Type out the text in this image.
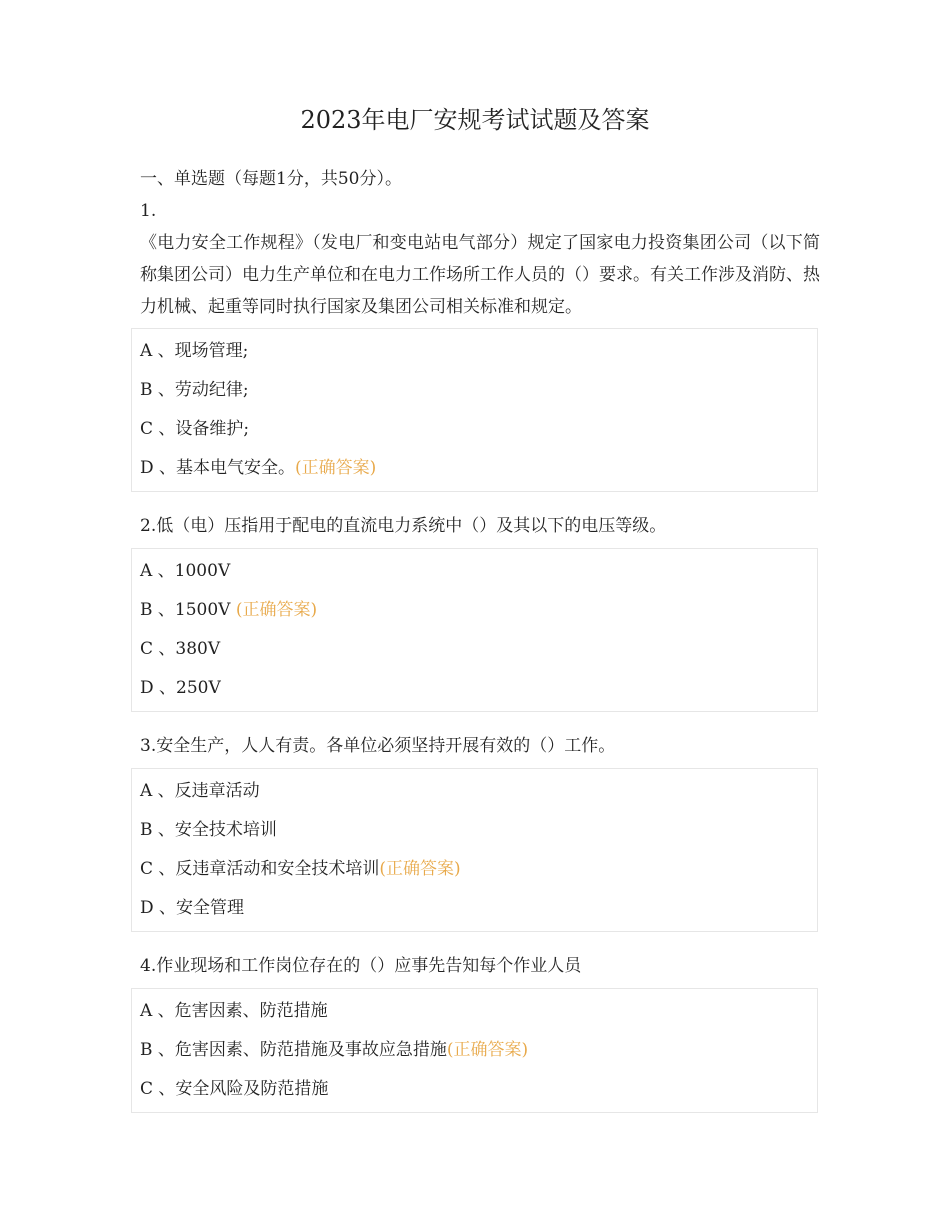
2023年电厂安规考试试题及答案
一、单选题（每题1分，共50分）。
1.
《电力安全工作规程》（发电厂和变电站电气部分）规定了国家电力投资集团公司（以下简称集团公司）电力生产单位和在电力工作场所工作人员的（）要求。有关工作涉及消防、热力机械、起重等同时执行国家及集团公司相关标准和规定。
A 、现场管理;
B 、劳动纪律;
C 、设备维护;
D 、基本电气安全。(正确答案)
2.低（电）压指用于配电的直流电力系统中（）及其以下的电压等级。
A 、1000V
B 、1500V (正确答案)
C 、380V
D 、250V
3.安全生产，人人有责。各单位必须坚持开展有效的（）工作。
A 、反违章活动
B 、安全技术培训
C 、反违章活动和安全技术培训(正确答案)
D 、安全管理
4.作业现场和工作岗位存在的（）应事先告知每个作业人员
A 、危害因素、防范措施
B 、危害因素、防范措施及事故应急措施(正确答案)
C 、安全风险及防范措施
